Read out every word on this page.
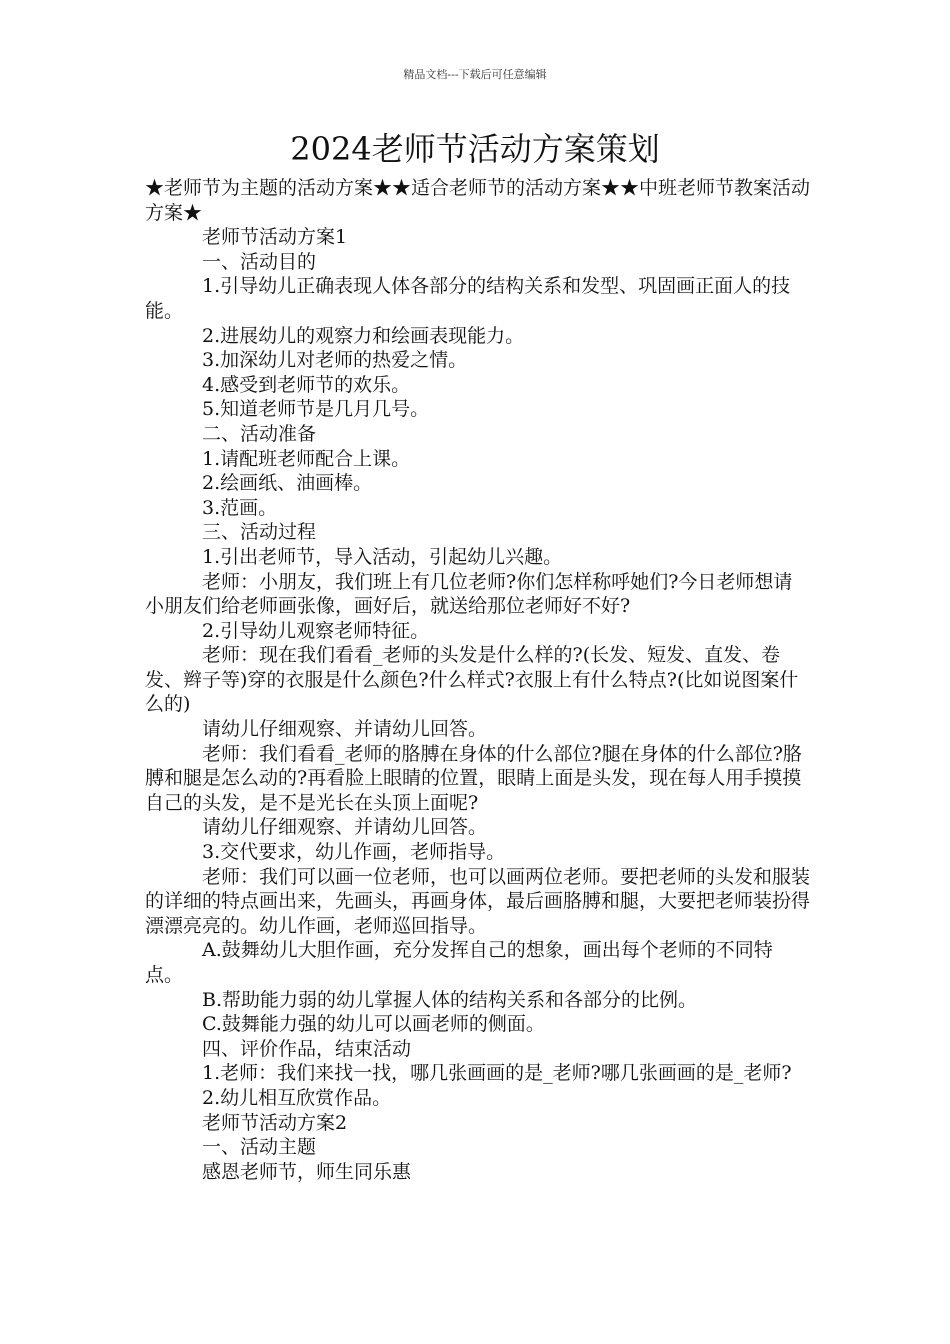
精品文档---下载后可任意编辑
2024老师节活动方案策划

★老师节为主题的活动方案★★适合老师节的活动方案★★中班老师节教案活动方案★

老师节活动方案1

一、活动目的

1.引导幼儿正确表现人体各部分的结构关系和发型、巩固画正面人的技能。

2.进展幼儿的观察力和绘画表现能力。

3.加深幼儿对老师的热爱之情。

4.感受到老师节的欢乐。

5.知道老师节是几月几号。

二、活动准备

1.请配班老师配合上课。

2.绘画纸、油画棒。

3.范画。

三、活动过程

1.引出老师节，导入活动，引起幼儿兴趣。

老师：小朋友，我们班上有几位老师?你们怎样称呼她们?今日老师想请小朋友们给老师画张像，画好后，就送给那位老师好不好?

2.引导幼儿观察老师特征。

老师：现在我们看看_老师的头发是什么样的?(长发、短发、直发、卷发、辫子等)穿的衣服是什么颜色?什么样式?衣服上有什么特点?(比如说图案什么的)

请幼儿仔细观察、并请幼儿回答。

老师：我们看看_老师的胳膊在身体的什么部位?腿在身体的什么部位?胳膊和腿是怎么动的?再看脸上眼睛的位置，眼睛上面是头发，现在每人用手摸摸自己的头发，是不是光长在头顶上面呢?

请幼儿仔细观察、并请幼儿回答。

3.交代要求，幼儿作画，老师指导。

老师：我们可以画一位老师，也可以画两位老师。要把老师的头发和服装的详细的特点画出来，先画头，再画身体，最后画胳膊和腿，大要把老师装扮得漂漂亮亮的。幼儿作画，老师巡回指导。

A.鼓舞幼儿大胆作画，充分发挥自己的想象，画出每个老师的不同特点。

B.帮助能力弱的幼儿掌握人体的结构关系和各部分的比例。

C.鼓舞能力强的幼儿可以画老师的侧面。

四、评价作品，结束活动

1.老师：我们来找一找，哪几张画画的是_老师?哪几张画画的是_老师?

2.幼儿相互欣赏作品。

老师节活动方案2

一、活动主题

感恩老师节，师生同乐惠
